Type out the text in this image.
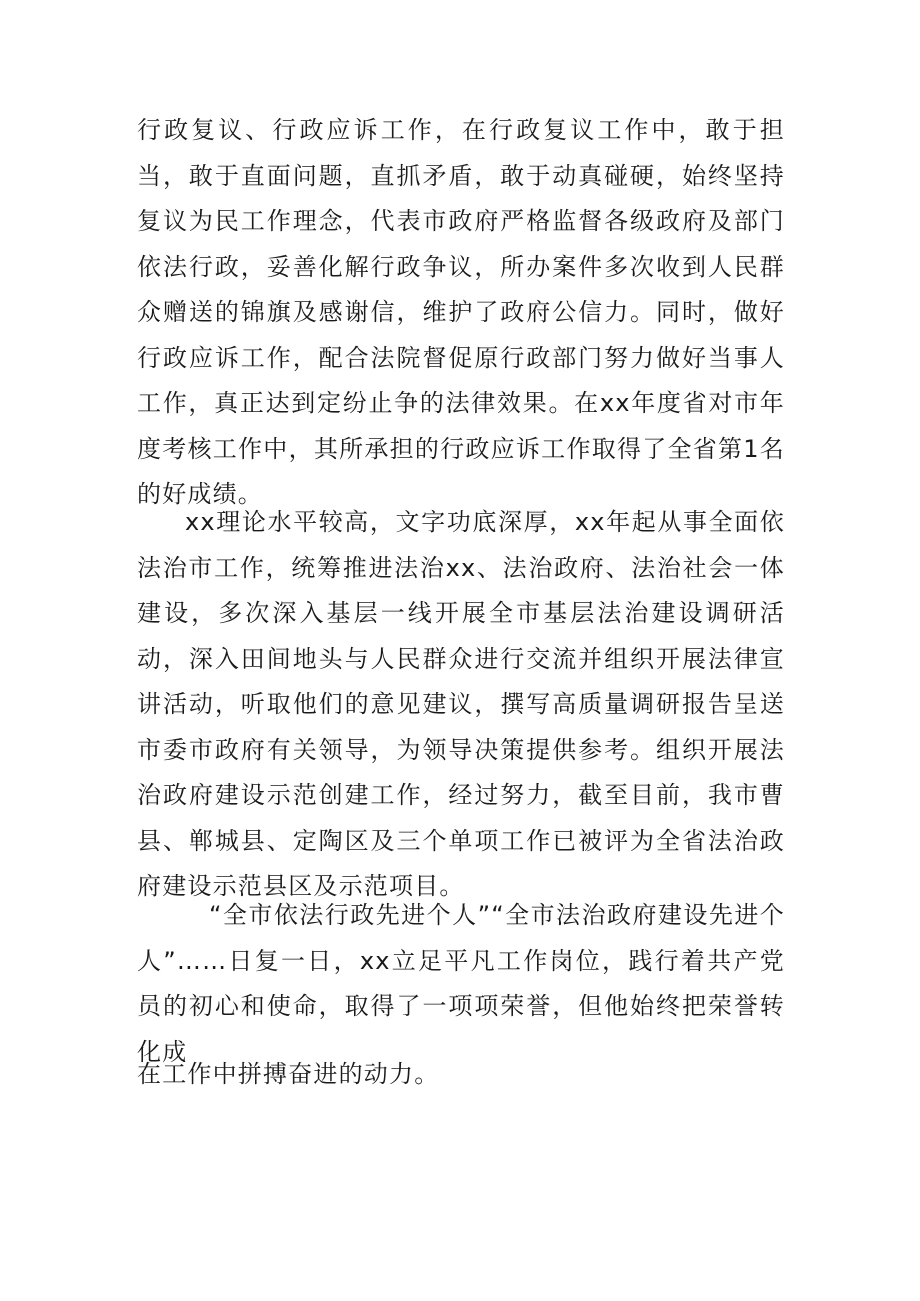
行政复议、行政应诉工作，在行政复议工作中，敢于担当，敢于直面问题，直抓矛盾，敢于动真碰硬，始终坚持复议为民工作理念，代表市政府严格监督各级政府及部门依法行政，妥善化解行政争议，所办案件多次收到人民群众赠送的锦旗及感谢信，维护了政府公信力。同时，做好行政应诉工作，配合法院督促原行政部门努力做好当事人工作，真正达到定纷止争的法律效果。在xx年度省对市年度考核工作中，其所承担的行政应诉工作取得了全省第1名的好成绩。

xx理论水平较高，文字功底深厚，xx年起从事全面依法治市工作，统筹推进法治xx、法治政府、法治社会一体建设，多次深入基层一线开展全市基层法治建设调研活动，深入田间地头与人民群众进行交流并组织开展法律宣讲活动，听取他们的意见建议，撰写高质量调研报告呈送市委市政府有关领导，为领导决策提供参考。组织开展法治政府建设示范创建工作，经过努力，截至目前，我市曹县、郸城县、定陶区及三个单项工作已被评为全省法治政府建设示范县区及示范项目。

“全市依法行政先进个人”“全市法治政府建设先进个人”……日复一日，xx立足平凡工作岗位，践行着共产党员的初心和使命，取得了一项项荣誉，但他始终把荣誉转化成

在工作中拼搏奋进的动力。
